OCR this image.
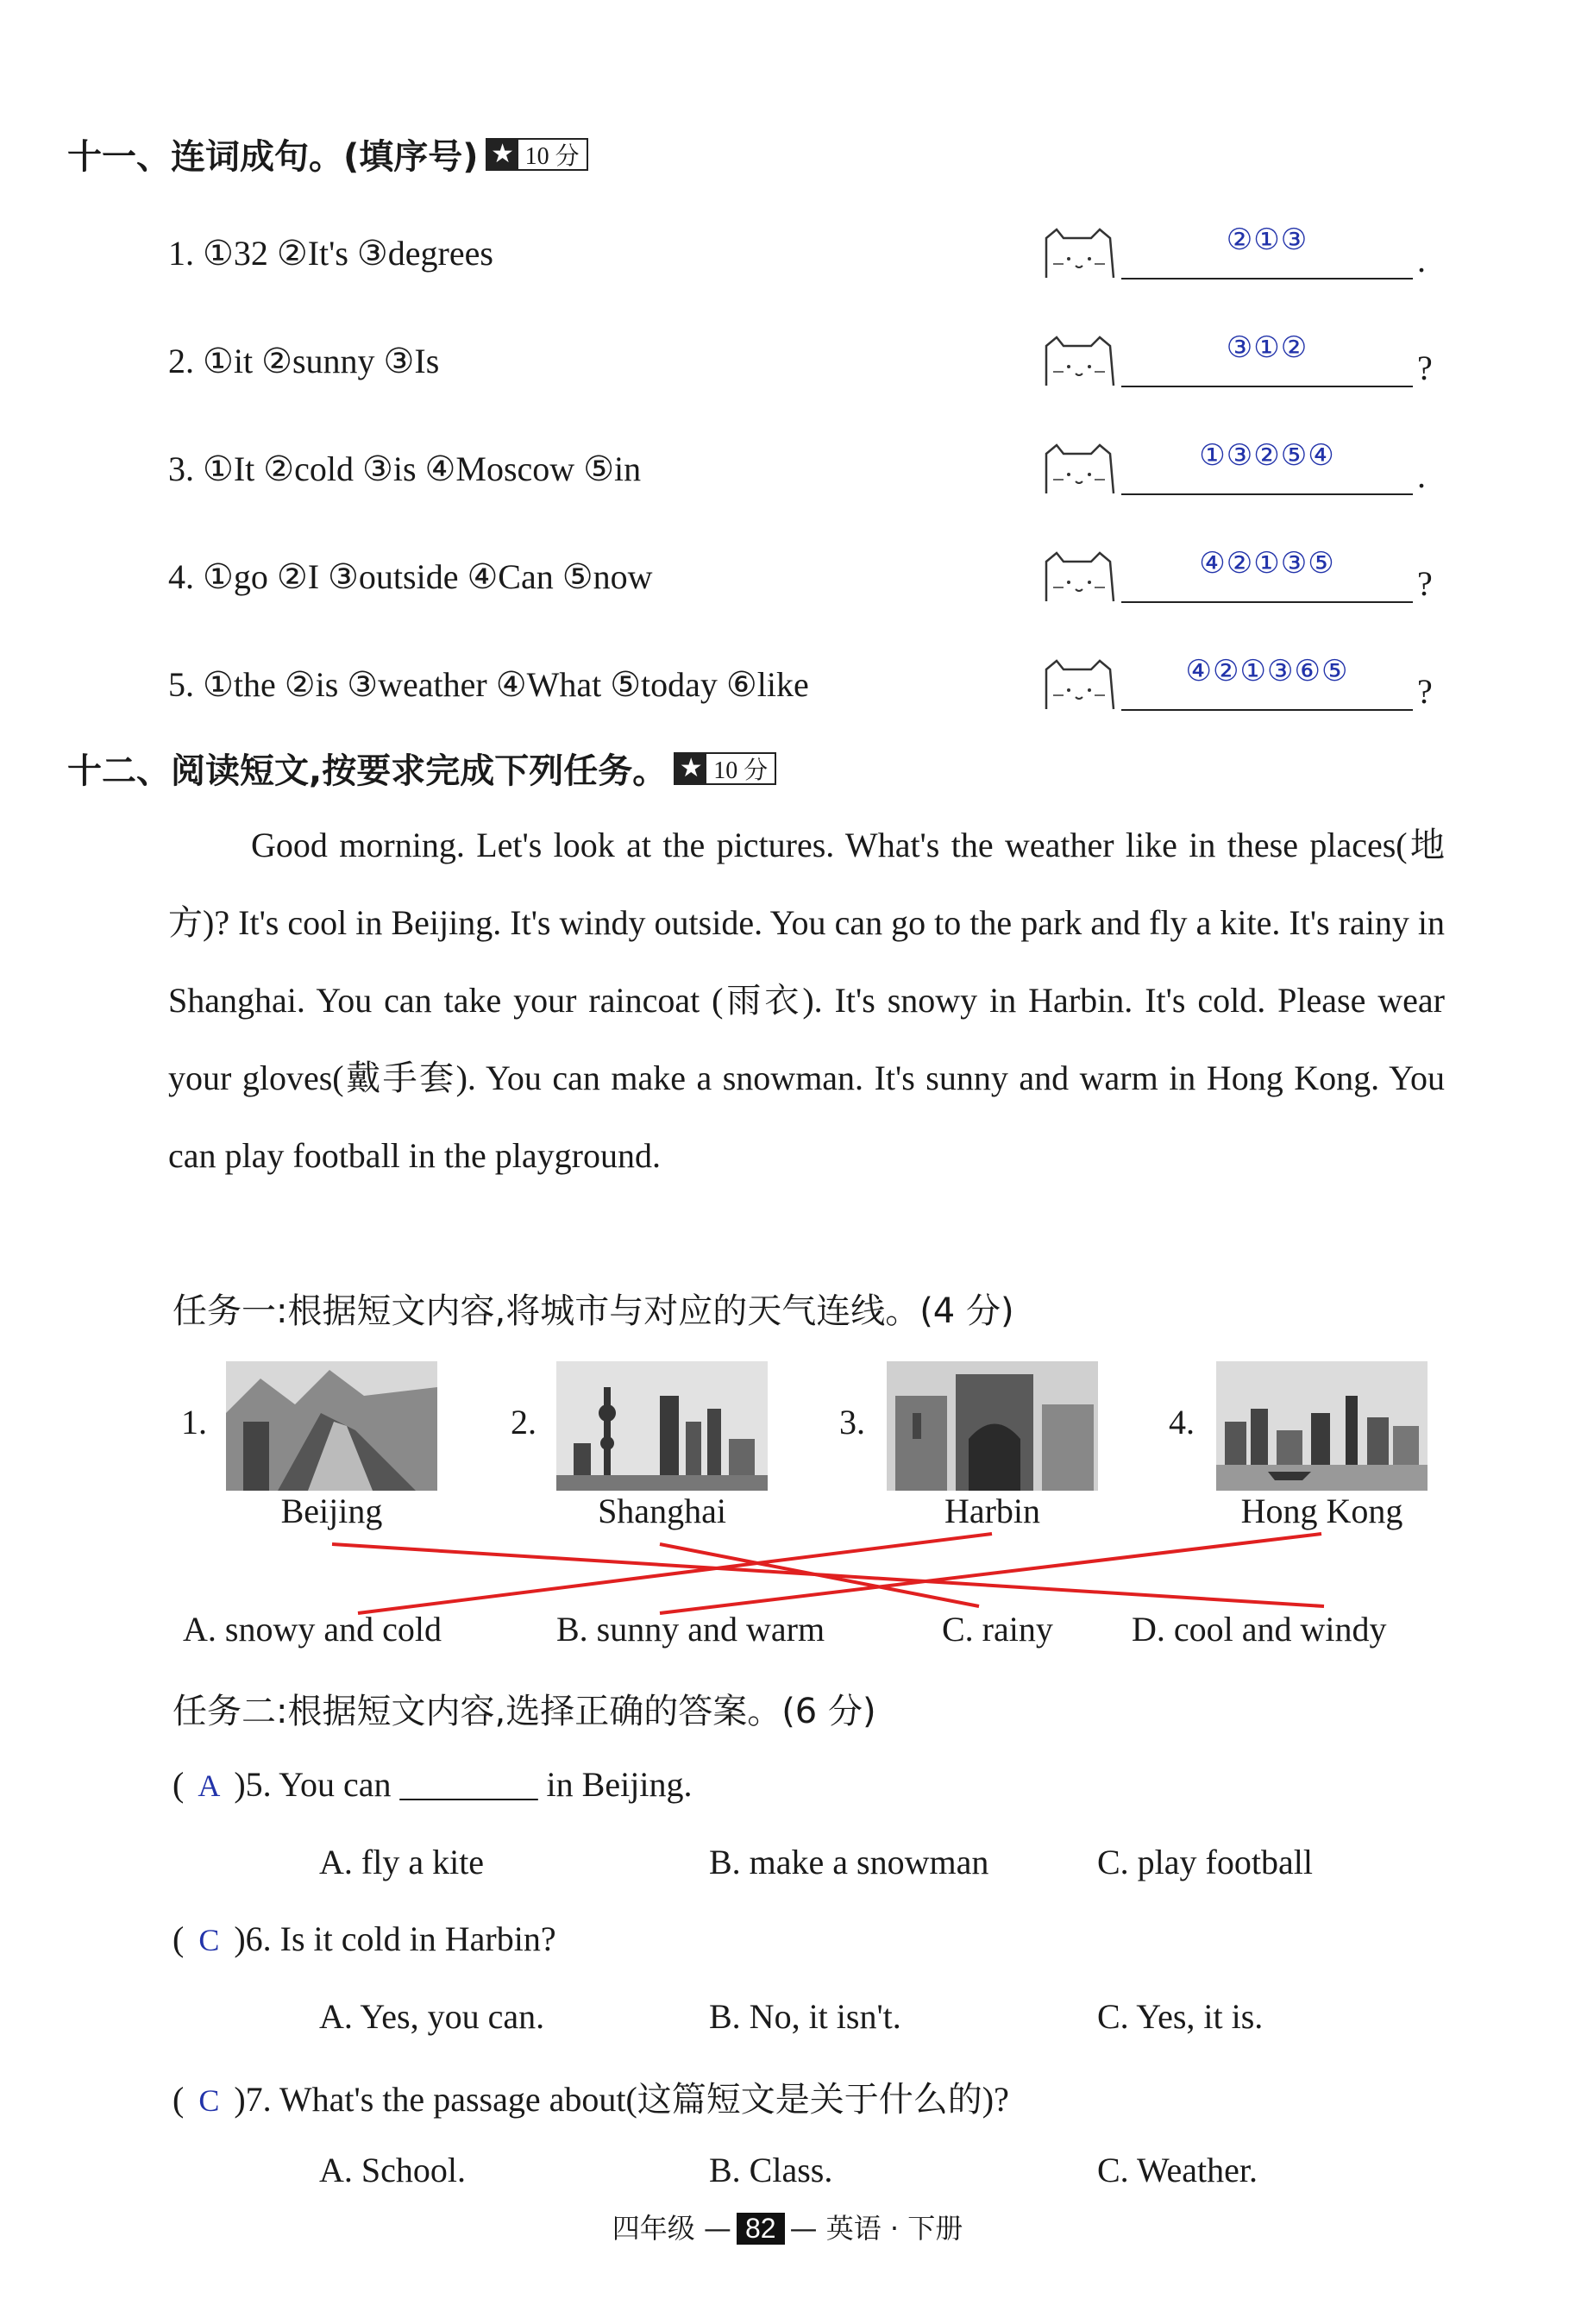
十一、连词成句。(填序号) ★ 10 分
1. ①32 ②It's ③degrees	②①③
.
2. ①it ②sunny ③Is	③①②
?
3. ①It ②cold ③is ④Moscow ⑤in	①③②⑤④
.
4. ①go ②I ③outside ④Can ⑤now	④②①③⑤
?
5. ①the ②is ③weather ④What ⑤today ⑥like	④②①③⑥⑤
?
十二、阅读短文,按要求完成下列任务。 ★ 10 分

Good morning. Let's look at the pictures. What's the weather like in these places(地方)? It's cool in Beijing. It's windy outside. You can go to the park and fly a kite. It's rainy in Shanghai. You can take your raincoat (雨衣). It's snowy in Harbin. It's cold. Please wear your gloves(戴手套). You can make a snowman. It's sunny and warm in Hong Kong. You can play football in the playground.

任务一:根据短文内容,将城市与对应的天气连线。(4 分)
1.
Beijing
2.
Shanghai
3.
Harbin
4.
Hong Kong
A. snowy and cold	B. sunny and warm	C. rainy D. cool and windy
任务二:根据短文内容,选择正确的答案。(6 分)
( A )5. You can ________ in Beijing.
A. fly a kite	B. make a snowman	C. play football
( C )6. Is it cold in Harbin?
A. Yes, you can.	B. No, it isn't.	C. Yes, it is.
( C )7. What's the passage about(这篇短文是关于什么的)?
A. School.	B. Class.	C. Weather.
四年级 — 82 — 英语 · 下册
